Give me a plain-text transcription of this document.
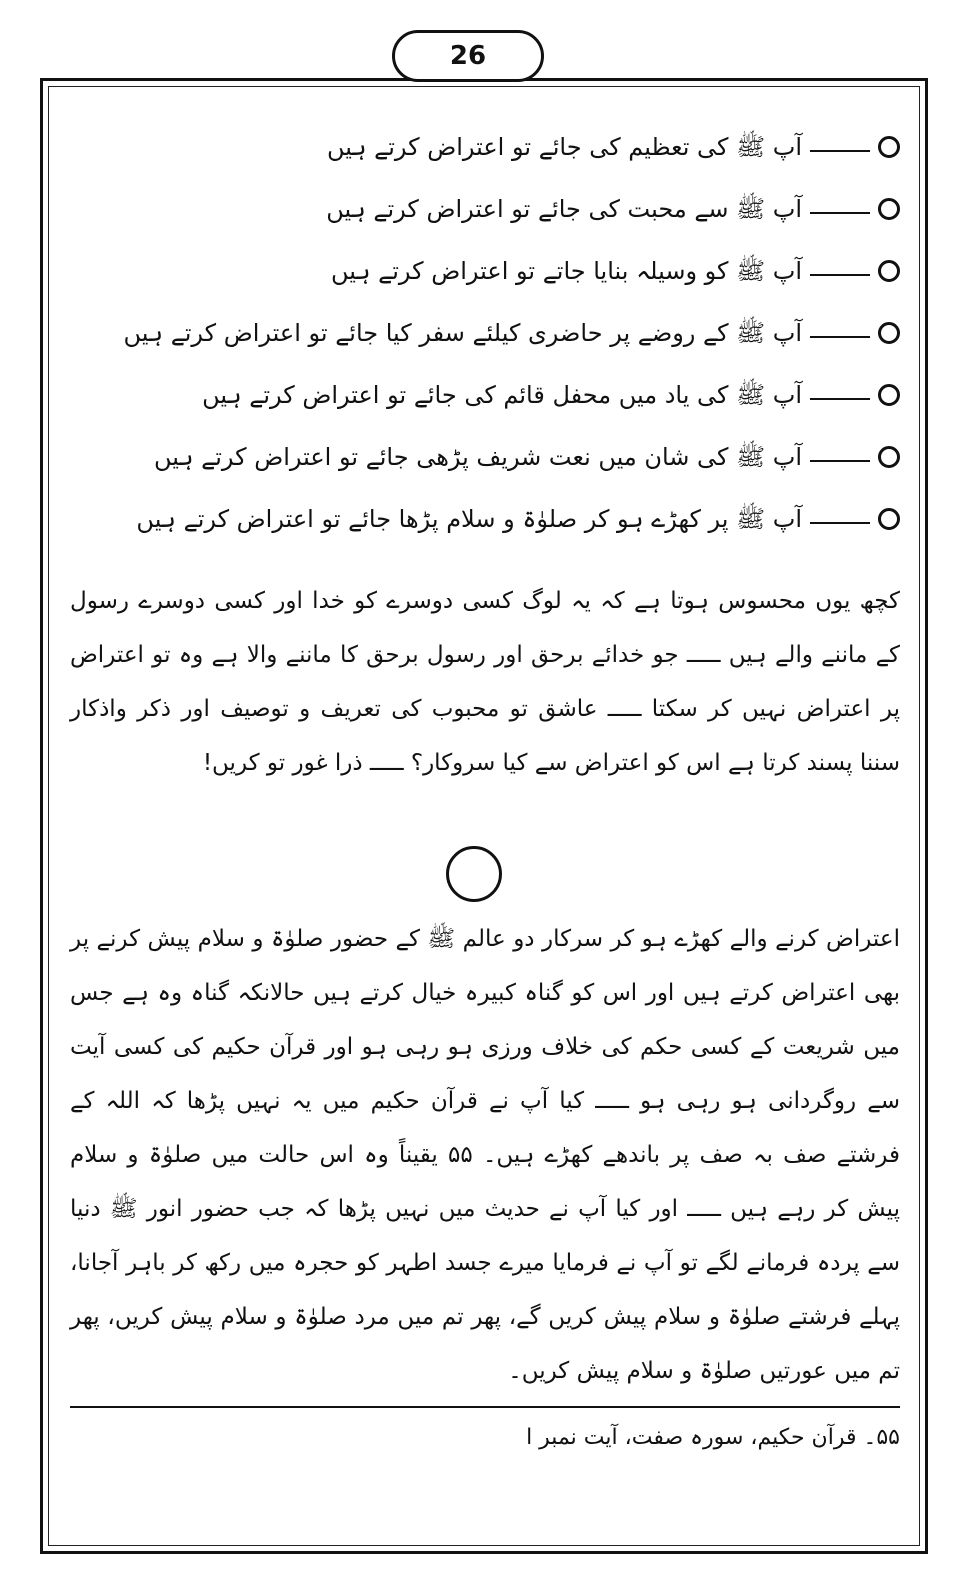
26
آپ ﷺ کی تعظیم کی جائے تو اعتراض کرتے ہیں
آپ ﷺ سے محبت کی جائے تو اعتراض کرتے ہیں
آپ ﷺ کو وسیلہ بنایا جاتے تو اعتراض کرتے ہیں
آپ ﷺ کے روضے پر حاضری کیلئے سفر کیا جائے تو اعتراض کرتے ہیں
آپ ﷺ کی یاد میں محفل قائم کی جائے تو اعتراض کرتے ہیں
آپ ﷺ کی شان میں نعت شریف پڑھی جائے تو اعتراض کرتے ہیں
آپ ﷺ پر کھڑے ہو کر صلوٰۃ و سلام پڑھا جائے تو اعتراض کرتے ہیں
کچھ یوں محسوس ہوتا ہے کہ یہ لوگ کسی دوسرے کو خدا اور کسی دوسرے رسول کے ماننے والے ہیں ـــــ جو خدائے برحق اور رسول برحق کا ماننے والا ہے وہ تو اعتراض پر اعتراض نہیں کر سکتا ـــــ عاشق تو محبوب کی تعریف و توصیف اور ذکر واذکار سننا پسند کرتا ہے اس کو اعتراض سے کیا سروکار؟ ـــــ ذرا غور تو کریں!
اعتراض کرنے والے کھڑے ہو کر سرکار دو عالم ﷺ کے حضور صلوٰۃ و سلام پیش کرنے پر بھی اعتراض کرتے ہیں اور اس کو گناہ کبیرہ خیال کرتے ہیں حالانکہ گناہ وہ ہے جس میں شریعت کے کسی حکم کی خلاف ورزی ہو رہی ہو اور قرآن حکیم کی کسی آیت سے روگردانی ہو رہی ہو ـــــ کیا آپ نے قرآن حکیم میں یہ نہیں پڑھا کہ اللہ کے فرشتے صف بہ صف پر باندھے کھڑے ہیں۔ ۵۵ یقیناً وہ اس حالت میں صلوٰۃ و سلام پیش کر رہے ہیں ـــــ اور کیا آپ نے حدیث میں نہیں پڑھا کہ جب حضور انور ﷺ دنیا سے پردہ فرمانے لگے تو آپ نے فرمایا میرے جسد اطہر کو حجرہ میں رکھ کر باہر آجانا، پہلے فرشتے صلوٰۃ و سلام پیش کریں گے، پھر تم میں مرد صلوٰۃ و سلام پیش کریں، پھر تم میں عورتیں صلوٰۃ و سلام پیش کریں۔
۵۵۔ قرآن حکیم، سورہ صفت، آیت نمبر ا
